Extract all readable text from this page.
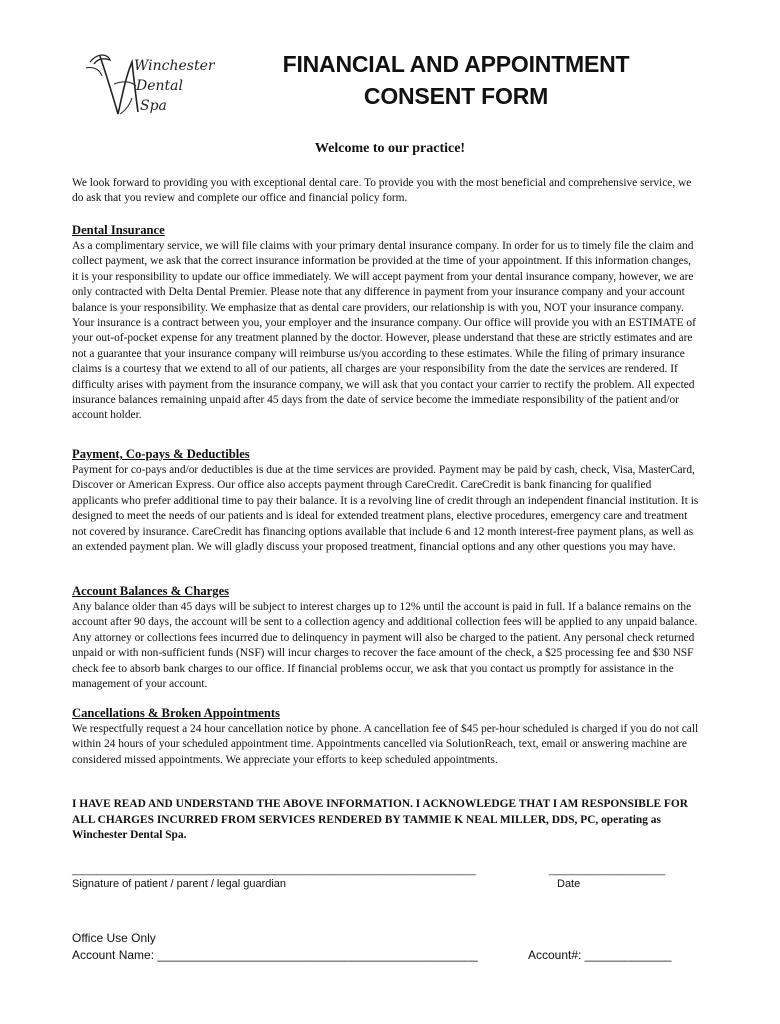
Winchester
Dental
Spa
FINANCIAL AND APPOINTMENT
CONSENT FORM
Welcome to our practice!

We look forward to providing you with exceptional dental care. To provide you with the most beneficial and comprehensive service, we do ask that you review and complete our office and financial policy form.

Dental Insurance

As a complimentary service, we will file claims with your primary dental insurance company. In order for us to timely file the claim and collect payment, we ask that the correct insurance information be provided at the time of your appointment. If this information changes, it is your responsibility to update our office immediately. We will accept payment from your dental insurance company, however, we are only contracted with Delta Dental Premier. Please note that any difference in payment from your insurance company and your account balance is your responsibility. We emphasize that as dental care providers, our relationship is with you, NOT your insurance company. Your insurance is a contract between you, your employer and the insurance company. Our office will provide you with an ESTIMATE of your out-of-pocket expense for any treatment planned by the doctor. However, please understand that these are strictly estimates and are not a guarantee that your insurance company will reimburse us/you according to these estimates. While the filing of primary insurance claims is a courtesy that we extend to all of our patients, all charges are your responsibility from the date the services are rendered. If difficulty arises with payment from the insurance company, we will ask that you contact your carrier to rectify the problem. All expected insurance balances remaining unpaid after 45 days from the date of service become the immediate responsibility of the patient and/or account holder.

Payment, Co-pays & Deductibles

Payment for co-pays and/or deductibles is due at the time services are provided. Payment may be paid by cash, check, Visa, MasterCard, Discover or American Express. Our office also accepts payment through CareCredit. CareCredit is bank financing for qualified applicants who prefer additional time to pay their balance. It is a revolving line of credit through an independent financial institution. It is designed to meet the needs of our patients and is ideal for extended treatment plans, elective procedures, emergency care and treatment not covered by insurance. CareCredit has financing options available that include 6 and 12 month interest-free payment plans, as well as an extended payment plan. We will gladly discuss your proposed treatment, financial options and any other questions you may have.

Account Balances & Charges

Any balance older than 45 days will be subject to interest charges up to 12% until the account is paid in full. If a balance remains on the account after 90 days, the account will be sent to a collection agency and additional collection fees will be applied to any unpaid balance. Any attorney or collections fees incurred due to delinquency in payment will also be charged to the patient. Any personal check returned unpaid or with non-sufficient funds (NSF) will incur charges to recover the face amount of the check, a $25 processing fee and $30 NSF check fee to absorb bank charges to our office. If financial problems occur, we ask that you contact us promptly for assistance in the management of your account.

Cancellations & Broken Appointments

We respectfully request a 24 hour cancellation notice by phone. A cancellation fee of $45 per-hour scheduled is charged if you do not call within 24 hours of your scheduled appointment time. Appointments cancelled via SolutionReach, text, email or answering machine are considered missed appointments. We appreciate your efforts to keep scheduled appointments.

I HAVE READ AND UNDERSTAND THE ABOVE INFORMATION. I ACKNOWLEDGE THAT I AM RESPONSIBLE FOR ALL CHARGES INCURRED FROM SERVICES RENDERED BY TAMMIE K NEAL MILLER, DDS, PC, operating as Winchester Dental Spa.

__________________________________________________________________	___________________
Signature of patient / parent / legal guardian	Date
Office Use Only
Account Name: ________________________________________________	Account#: _____________
